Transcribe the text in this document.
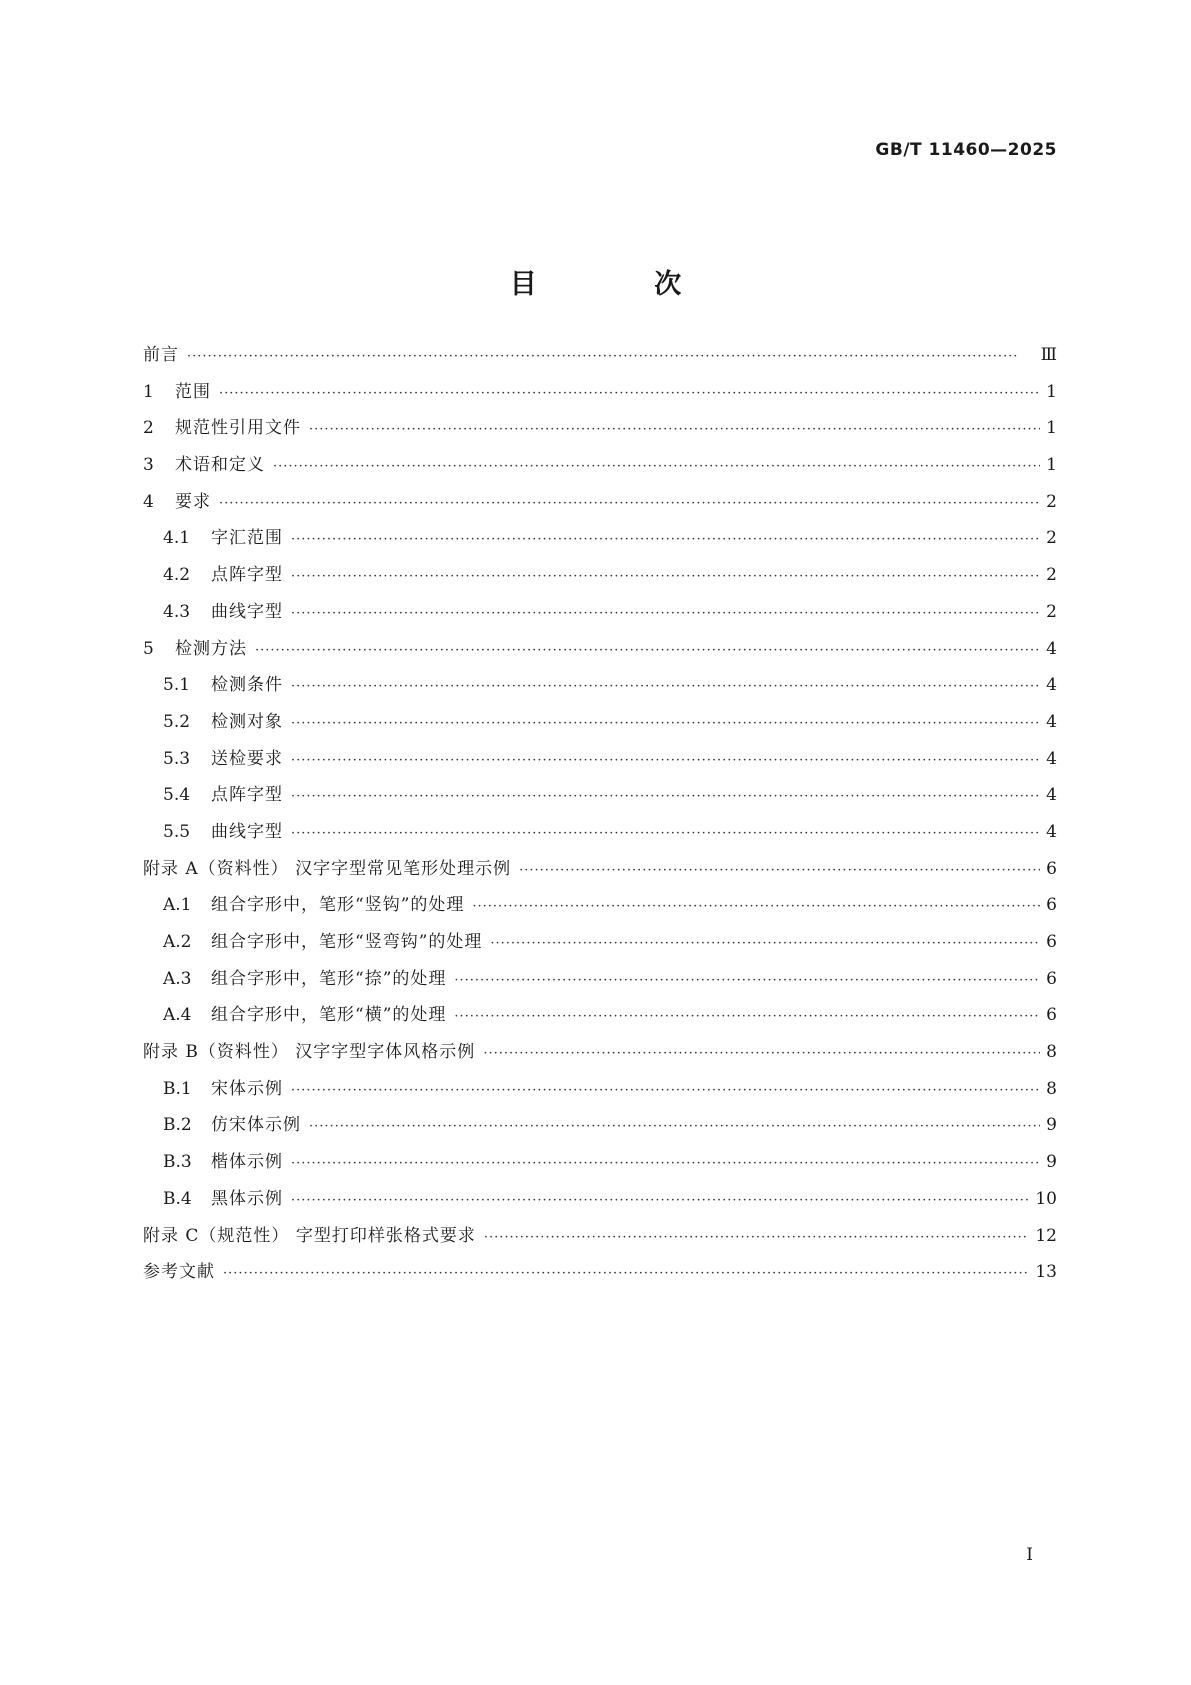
GB/T 11460—2025
目 次
前言 ·····	Ⅲ
1	范围 ·····	1
2	规范性引用文件 ·····	1
3	术语和定义 ·····	1
4	要求 ·····	2
4.1	字汇范围 ·····	2
4.2	点阵字型 ·····	2
4.3	曲线字型 ·····	2
5	检测方法 ·····	4
5.1	检测条件 ·····	4
5.2	检测对象 ·····	4
5.3	送检要求 ·····	4
5.4	点阵字型 ·····	4
5.5	曲线字型 ·····	4
附录 A（资料性） 汉字字型常见笔形处理示例 ·····	6
A.1	组合字形中，笔形“竖钩”的处理 ·····	6
A.2	组合字形中，笔形“竖弯钩”的处理 ·····	6
A.3	组合字形中，笔形“捺”的处理 ·····	6
A.4	组合字形中，笔形“横”的处理 ·····	6
附录 B（资料性） 汉字字型字体风格示例 ·····	8
B.1	宋体示例 ·····	8
B.2	仿宋体示例 ·····	9
B.3	楷体示例 ·····	9
B.4	黑体示例 ·····	10
附录 C（规范性） 字型打印样张格式要求 ·····	12
参考文献 ·····	13
Ⅰ
